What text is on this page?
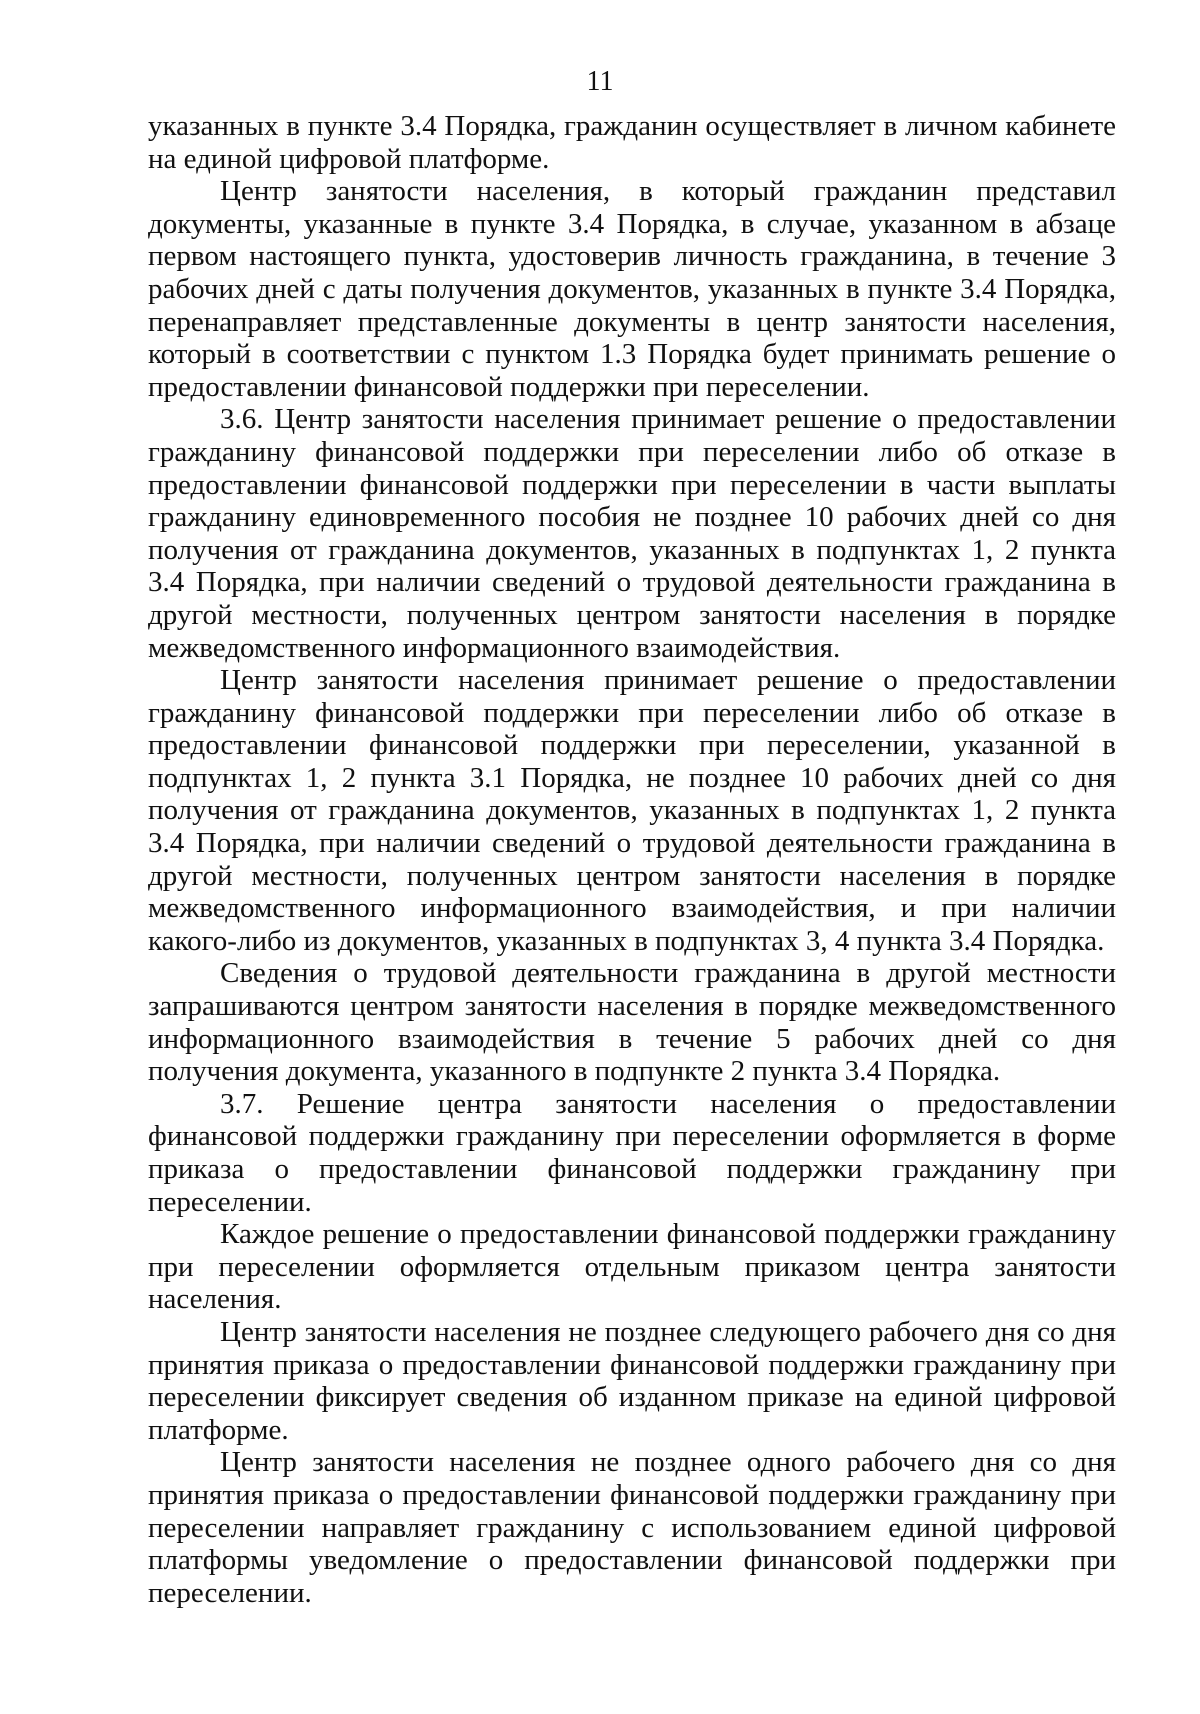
11

указанных в пункте 3.4 Порядка, гражданин осуществляет в личном кабинете на единой цифровой платформе.

Центр занятости населения, в который гражданин представил документы, указанные в пункте 3.4 Порядка, в случае, указанном в абзаце первом настоящего пункта, удостоверив личность гражданина, в течение 3 рабочих дней с даты получения документов, указанных в пункте 3.4 Порядка, перенаправляет представленные документы в центр занятости населения, который в соответствии с пунктом 1.3 Порядка будет принимать решение о предоставлении финансовой поддержки при переселении.

3.6. Центр занятости населения принимает решение о предоставлении гражданину финансовой поддержки при переселении либо об отказе в предоставлении финансовой поддержки при переселении в части выплаты гражданину единовременного пособия не позднее 10 рабочих дней со дня получения от гражданина документов, указанных в подпунктах 1, 2 пункта 3.4 Порядка, при наличии сведений о трудовой деятельности гражданина в другой местности, полученных центром занятости населения в порядке межведомственного информационного взаимодействия.

Центр занятости населения принимает решение о предоставлении гражданину финансовой поддержки при переселении либо об отказе в предоставлении финансовой поддержки при переселении, указанной в подпунктах 1, 2 пункта 3.1 Порядка, не позднее 10 рабочих дней со дня получения от гражданина документов, указанных в подпунктах 1, 2 пункта 3.4 Порядка, при наличии сведений о трудовой деятельности гражданина в другой местности, полученных центром занятости населения в порядке межведомственного информационного взаимодействия, и при наличии какого-либо из документов, указанных в подпунктах 3, 4 пункта 3.4 Порядка.

Сведения о трудовой деятельности гражданина в другой местности запрашиваются центром занятости населения в порядке межведомственного информационного взаимодействия в течение 5 рабочих дней со дня получения документа, указанного в подпункте 2 пункта 3.4 Порядка.

3.7. Решение центра занятости населения о предоставлении финансовой поддержки гражданину при переселении оформляется в форме приказа о предоставлении финансовой поддержки гражданину при переселении.

Каждое решение о предоставлении финансовой поддержки гражданину при переселении оформляется отдельным приказом центра занятости населения.

Центр занятости населения не позднее следующего рабочего дня со дня принятия приказа о предоставлении финансовой поддержки гражданину при переселении фиксирует сведения об изданном приказе на единой цифровой платформе.

Центр занятости населения не позднее одного рабочего дня со дня принятия приказа о предоставлении финансовой поддержки гражданину при переселении направляет гражданину с использованием единой цифровой платформы уведомление о предоставлении финансовой поддержки при переселении.
